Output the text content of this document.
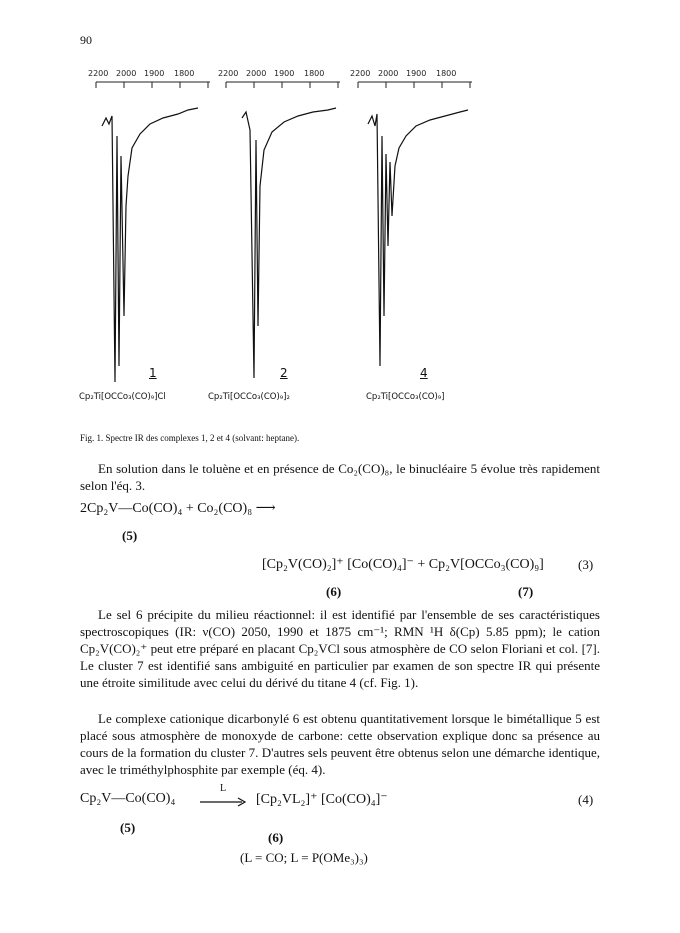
90
2200 2000 1900 1800
1
Cp₂Ti[OCCo₃(CO)₉]Cl
2200 2000 1900 1800
2
Cp₂Ti[OCCo₃(CO)₉]₂
2200 2000 1900 1800
4
Cp₂Ti[OCCo₃(CO)₉]
Fig. 1. Spectre IR des complexes 1, 2 et 4 (solvant: heptane).
En solution dans le toluène et en présence de Co₂(CO)₈, le binucléaire 5 évolue très rapidement selon l'éq. 3.
2Cp₂V—Co(CO)₄ + Co₂(CO)₈ ⟶
(5)
[Cp₂V(CO)₂]⁺ [Co(CO)₄]⁻ + Cp₂V[OCCo₃(CO)₉]	(3)
(6)	(7)
Le sel 6 précipite du milieu réactionnel: il est identifié par l'ensemble de ses caractéristiques spectroscopiques (IR: ν(CO) 2050, 1990 et 1875 cm⁻¹; RMN ¹H δ(Cp) 5.85 ppm); le cation Cp₂V(CO)₂⁺ peut etre préparé en placant Cp₂VCl sous atmosphère de CO selon Floriani et col. [7]. Le cluster 7 est identifié sans ambiguité en particulier par examen de son spectre IR qui présente une étroite similitude avec celui du dérivé du titane 4 (cf. Fig. 1).
Le complexe cationique dicarbonylé 6 est obtenu quantitativement lorsque le bimétallique 5 est placé sous atmosphère de monoxyde de carbone: cette observation explique donc sa présence au cours de la formation du cluster 7. D'autres sels peuvent être obtenus selon une démarche identique, avec le triméthylphosphite par exemple (éq. 4).
Cp₂V—Co(CO)₄
L
[Cp₂VL₂]⁺ [Co(CO)₄]⁻	(4)
(5)
(6)
(L = CO; L = P(OMe₃)₃)
